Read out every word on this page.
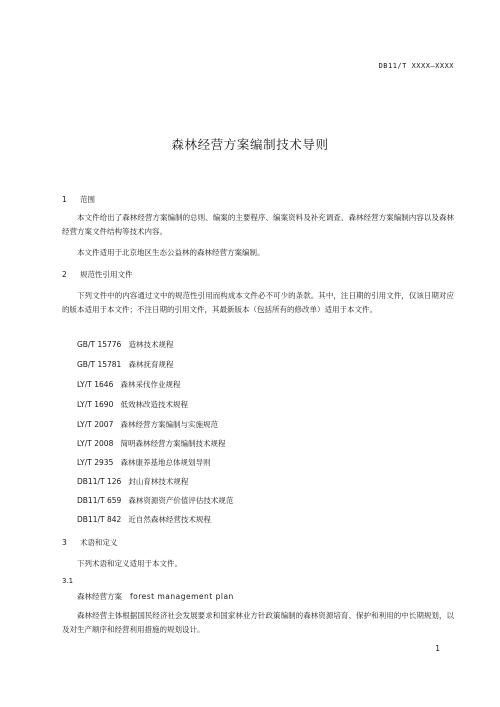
DB11/T XXXX—XXXX
森林经营方案编制技术导则
1 范围
本文件给出了森林经营方案编制的总则、编案的主要程序、编案资料及补充调查、森林经营方案编制内容以及森林经营方案文件结构等技术内容。
本文件适用于北京地区生态公益林的森林经营方案编制。
2 规范性引用文件
下列文件中的内容通过文中的规范性引用而构成本文件必不可少的条款。其中，注日期的引用文件，仅该日期对应的版本适用于本文件；不注日期的引用文件，其最新版本（包括所有的修改单）适用于本文件。
GB/T 15776   造林技术规程
GB/T 15781   森林抚育规程
LY/T 1646   森林采伐作业规程
LY/T 1690   低效林改造技术规程
LY/T 2007   森林经营方案编制与实施规范
LY/T 2008   简明森林经营方案编制技术规程
LY/T 2935   森林康养基地总体规划导则
DB11/T 126   封山育林技术规程
DB11/T 659   森林资源资产价值评估技术规范
DB11/T 842   近自然森林经营技术规程
3 术语和定义
下列术语和定义适用于本文件。
3.1
森林经营方案 forest management plan
森林经营主体根据国民经济社会发展要求和国家林业方针政策编制的森林资源培育、保护和利用的中长期规划，以及对生产顺序和经营利用措施的规划设计。
1
